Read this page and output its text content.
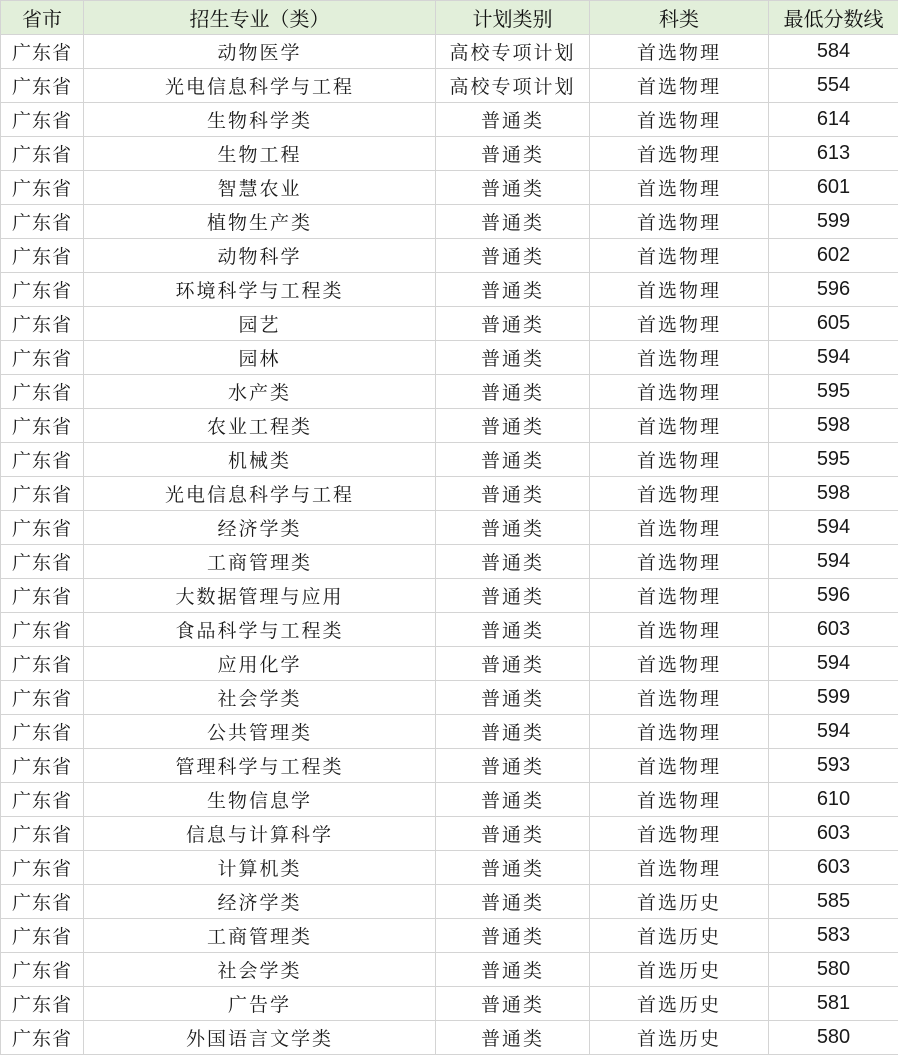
省市	招生专业（类）	计划类别	科类	最低分数线
广东省	动物医学	高校专项计划	首选物理	584
广东省	光电信息科学与工程	高校专项计划	首选物理	554
广东省	生物科学类	普通类	首选物理	614
广东省	生物工程	普通类	首选物理	613
广东省	智慧农业	普通类	首选物理	601
广东省	植物生产类	普通类	首选物理	599
广东省	动物科学	普通类	首选物理	602
广东省	环境科学与工程类	普通类	首选物理	596
广东省	园艺	普通类	首选物理	605
广东省	园林	普通类	首选物理	594
广东省	水产类	普通类	首选物理	595
广东省	农业工程类	普通类	首选物理	598
广东省	机械类	普通类	首选物理	595
广东省	光电信息科学与工程	普通类	首选物理	598
广东省	经济学类	普通类	首选物理	594
广东省	工商管理类	普通类	首选物理	594
广东省	大数据管理与应用	普通类	首选物理	596
广东省	食品科学与工程类	普通类	首选物理	603
广东省	应用化学	普通类	首选物理	594
广东省	社会学类	普通类	首选物理	599
广东省	公共管理类	普通类	首选物理	594
广东省	管理科学与工程类	普通类	首选物理	593
广东省	生物信息学	普通类	首选物理	610
广东省	信息与计算科学	普通类	首选物理	603
广东省	计算机类	普通类	首选物理	603
广东省	经济学类	普通类	首选历史	585
广东省	工商管理类	普通类	首选历史	583
广东省	社会学类	普通类	首选历史	580
广东省	广告学	普通类	首选历史	581
广东省	外国语言文学类	普通类	首选历史	580
